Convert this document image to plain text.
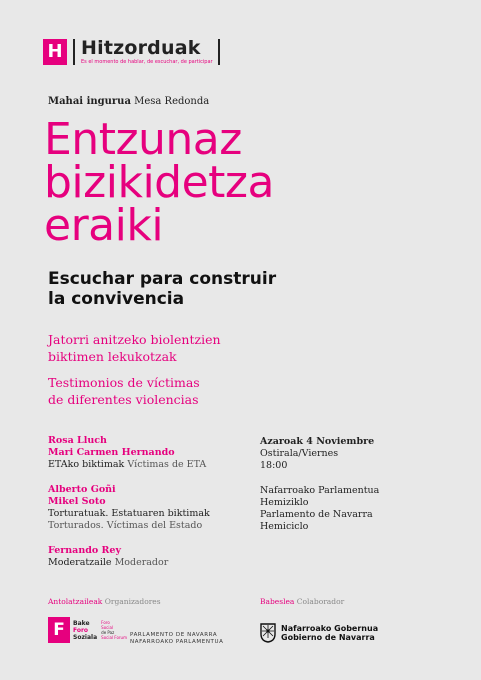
H Hitzorduak
Es el momento de hablar, de escuchar, de participar
Mahai ingurua Mesa Redonda
Entzunaz
bizikidetza
eraiki
Escuchar para construir
la convivencia
Jatorri anitzeko biolentzien
biktimen lekukotzak
Testimonios de víctimas
de diferentes violencias
Rosa Lluch
Mari Carmen Hernando
ETAko biktimak Víctimas de ETA
Alberto Goñi
Mikel Soto
Torturatuak. Estatuaren biktimak
Torturados. Víctimas del Estado
Fernando Rey
Moderatzaile Moderador
Azaroak 4 Noviembre
Ostirala/Viernes
18:00
Nafarroako Parlamentua
Hemiziklo
Parlamento de Navarra
Hemiciclo
Antolatzaileak Organizadores	Babeslea Colaborador
F	Bake
Foro
Soziala
Foro
Social
de Paz
Social Forum PARLAMENTO DE NAVARRA
NAFARROAKO PARLAMENTUA
Nafarroako Gobernua
Gobierno de Navarra
